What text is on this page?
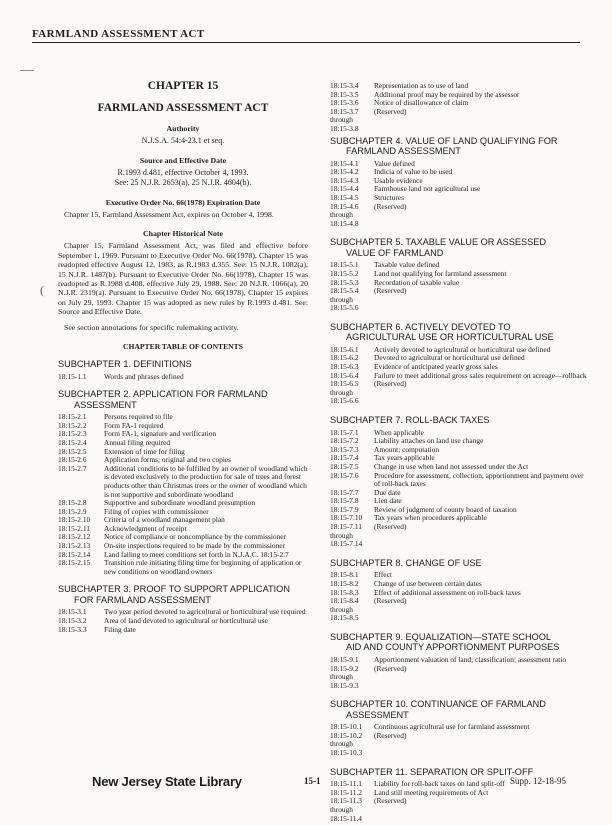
FARMLAND ASSESSMENT ACT
(
CHAPTER 15
FARMLAND ASSESSMENT ACT
Authority
N.J.S.A. 54:4-23.1 et seq.
Source and Effective Date
R.1993 d.481, effective October 4, 1993.
See: 25 N.J.R. 2653(a), 25 N.J.R. 4604(b).
Executive Order No. 66(1978) Expiration Date
Chapter 15, Farmland Assessment Act, expires on October 4, 1998.
Chapter Historical Note
Chapter 15, Farmland Assessment Act, was filed and effective before September 1, 1969. Pursuant to Executive Order No. 66(1978), Chapter 15 was readopted effective August 12, 1983, as R.1983 d.355. See: 15 N.J.R. 1082(a), 15 N.J.R. 1487(b). Pursuant to Executive Order No. 66(1978), Chapter 15 was readopted as R.1988 d.408, effective July 29, 1988. See: 20 N.J.R. 1066(a), 20 N.J.R. 2319(a). Pursuant to Executive Order No. 66(1978), Chapter 15 expires on July 29, 1993. Chapter 15 was adopted as new rules by R.1993 d.481. See: Source and Effective Date.
See section annotations for specific rulemaking activity.
CHAPTER TABLE OF CONTENTS
SUBCHAPTER 1. DEFINITIONS
18:15-1.1	Words and phrases defined
SUBCHAPTER 2. APPLICATION FOR FARMLAND
ASSESSMENT
18:15-2.1	Persons required to file
18:15-2.2	Form FA-1 required
18:15-2.3	Form FA-1, signature and verification
18:15-2.4	Annual filing required
18:15-2.5	Extension of time for filing
18:15-2.6	Application forms; original and two copies
18:15-2.7	Additional conditions to be fulfilled by an owner of woodland which is devoted exclusively to the production for sale of trees and forest products other than Christmas trees or the owner of woodland which is not supportive and subordinate woodland
18:15-2.8	Supportive and subordinate woodland presumption
18:15-2.9	Filing of copies with commissioner
18:15-2.10	Criteria of a woodland management plan
18:15-2.11	Acknowledgment of receipt
18:15-2.12	Notice of compliance or noncompliance by the commissioner
18:15-2.13	On-site inspections required to be made by the commissioner
18:15-2.14	Land failing to meet conditions set forth in N.J.A.C. 18:15-2.7
18:15-2.15	Transition rule initiating filing time for beginning of application or new conditions on woodland owners
SUBCHAPTER 3. PROOF TO SUPPORT APPLICATION
FOR FARMLAND ASSESSMENT
18:15-3.1	Two year period devoted to agricultural or horticultural use required
18:15-3.2	Area of land devoted to agricultural or horticultural use
18:15-3.3	Filing date
18:15-3.4	Representation as to use of land
18:15-3.5	Additional proof may be required by the assessor
18:15-3.6	Notice of disallowance of claim
18:15-3.7 through 18:15-3.8
(Reserved)
SUBCHAPTER 4. VALUE OF LAND QUALIFYING FOR
FARMLAND ASSESSMENT
18:15-4.1	Value defined
18:15-4.2	Indicia of value to be used
18:15-4.3	Usable evidence
18:15-4.4	Farmhouse land not agricultural use
18:15-4.5	Structures
18:15-4.6 through 18:15-4.8
(Reserved)
SUBCHAPTER 5. TAXABLE VALUE OR ASSESSED
VALUE OF FARMLAND
18:15-5.1	Taxable value defined
18:15-5.2	Land not qualifying for farmland assessment
18:15-5.3	Recordation of taxable value
18:15-5.4 through 18:15-5.6
(Reserved)
SUBCHAPTER 6. ACTIVELY DEVOTED TO
AGRICULTURAL USE OR HORTICULTURAL USE
18:15-6.1	Actively devoted to agricultural or horticultural use defined
18:15-6.2	Devoted to agricultural or horticultural use defined
18:15-6.3	Evidence of anticipated yearly gross sales
18:15-6.4	Failure to meet additional gross sales requirement on acreage—rollback
18:15-6.5 through 18:15-6.6
(Reserved)
SUBCHAPTER 7. ROLL-BACK TAXES
18:15-7.1	When applicable
18:15-7.2	Liability attaches on land use change
18:15-7.3	Amount; computation
18:15-7.4	Tax years applicable
18:15-7.5	Change in use when land not assessed under the Act
18:15-7.6	Procedure for assessment, collection, apportionment and payment over of roll-back taxes
18:15-7.7	Due date
18:15-7.8	Lien date
18:15-7.9	Review of judgment of county board of taxation
18:15-7.10	Tax years when procedures applicable
18:15-7.11 through 18:15-7.14
(Reserved)
SUBCHAPTER 8. CHANGE OF USE
18:15-8.1	Effect
18:15-8.2	Change of use between certain dates
18:15-8.3	Effect of additional assessment on roll-back taxes
18:15-8.4 through 18:15-8.5
(Reserved)
SUBCHAPTER 9. EQUALIZATION—STATE SCHOOL
AID AND COUNTY APPORTIONMENT PURPOSES
18:15-9.1	Apportionment valuation of land; classification; assessment ratio
18:15-9.2 through 18:15-9.3
(Reserved)
SUBCHAPTER 10. CONTINUANCE OF FARMLAND
ASSESSMENT
18:15-10.1	Continuous agricultural use for farmland assessment
18:15-10.2 through 18:15-10.3
(Reserved)
SUBCHAPTER 11. SEPARATION OR SPLIT-OFF
18:15-11.1	Liability for roll-back taxes on land split-off
18:15-11.2	Land still meeting requirements of Act
18:15-11.3 through 18:15-11.4
(Reserved)
New Jersey State Library	15-1	Supp. 12-18-95
